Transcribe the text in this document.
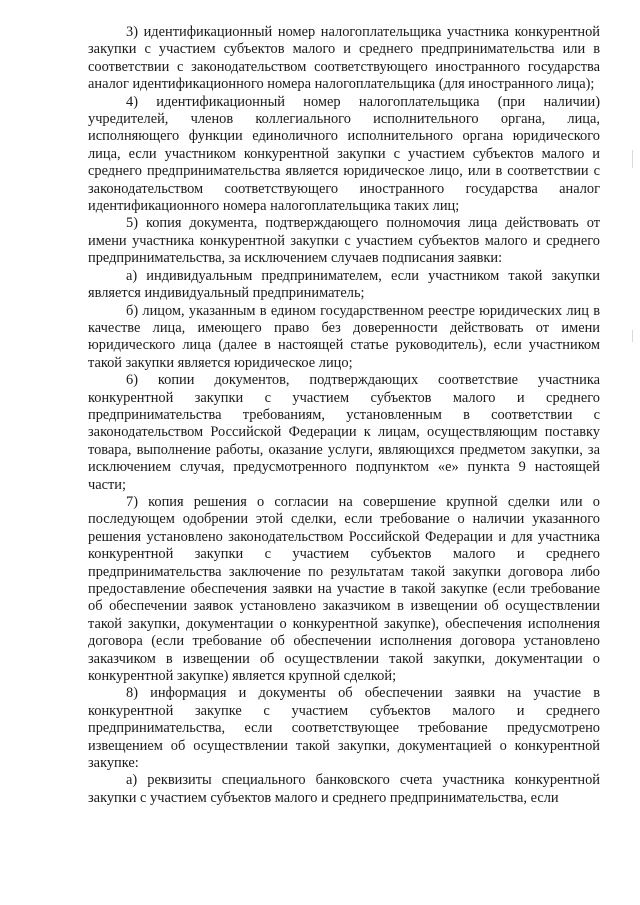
3) идентификационный номер налогоплательщика участника конкурентной закупки с участием субъектов малого и среднего предпринимательства или в соответствии с законодательством соответствующего иностранного государства аналог идентификационного номера налогоплательщика (для иностранного лица);

4) идентификационный номер налогоплательщика (при наличии) учредителей, членов коллегиального исполнительного органа, лица, исполняющего функции единоличного исполнительного органа юридического лица, если участником конкурентной закупки с участием субъектов малого и среднего предпринимательства является юридическое лицо, или в соответствии с законодательством соответствующего иностранного государства аналог идентификационного номера налогоплательщика таких лиц;

5) копия документа, подтверждающего полномочия лица действовать от имени участника конкурентной закупки с участием субъектов малого и среднего предпринимательства, за исключением случаев подписания заявки:

а) индивидуальным предпринимателем, если участником такой закупки является индивидуальный предприниматель;

б) лицом, указанным в едином государственном реестре юридических лиц в качестве лица, имеющего право без доверенности действовать от имени юридического лица (далее в настоящей статье руководитель), если участником такой закупки является юридическое лицо;

6) копии документов, подтверждающих соответствие участника конкурентной закупки с участием субъектов малого и среднего предпринимательства требованиям, установленным в соответствии с законодательством Российской Федерации к лицам, осуществляющим поставку товара, выполнение работы, оказание услуги, являющихся предметом закупки, за исключением случая, предусмотренного подпунктом «е» пункта 9 настоящей части;

7) копия решения о согласии на совершение крупной сделки или о последующем одобрении этой сделки, если требование о наличии указанного решения установлено законодательством Российской Федерации и для участника конкурентной закупки с участием субъектов малого и среднего предпринимательства заключение по результатам такой закупки договора либо предоставление обеспечения заявки на участие в такой закупке (если требование об обеспечении заявок установлено заказчиком в извещении об осуществлении такой закупки, документации о конкурентной закупке), обеспечения исполнения договора (если требование об обеспечении исполнения договора установлено заказчиком в извещении об осуществлении такой закупки, документации о конкурентной закупке) является крупной сделкой;

8) информация и документы об обеспечении заявки на участие в конкурентной закупке с участием субъектов малого и среднего предпринимательства, если соответствующее требование предусмотрено извещением об осуществлении такой закупки, документацией о конкурентной закупке:

а) реквизиты специального банковского счета участника конкурентной закупки с участием субъектов малого и среднего предпринимательства, если
